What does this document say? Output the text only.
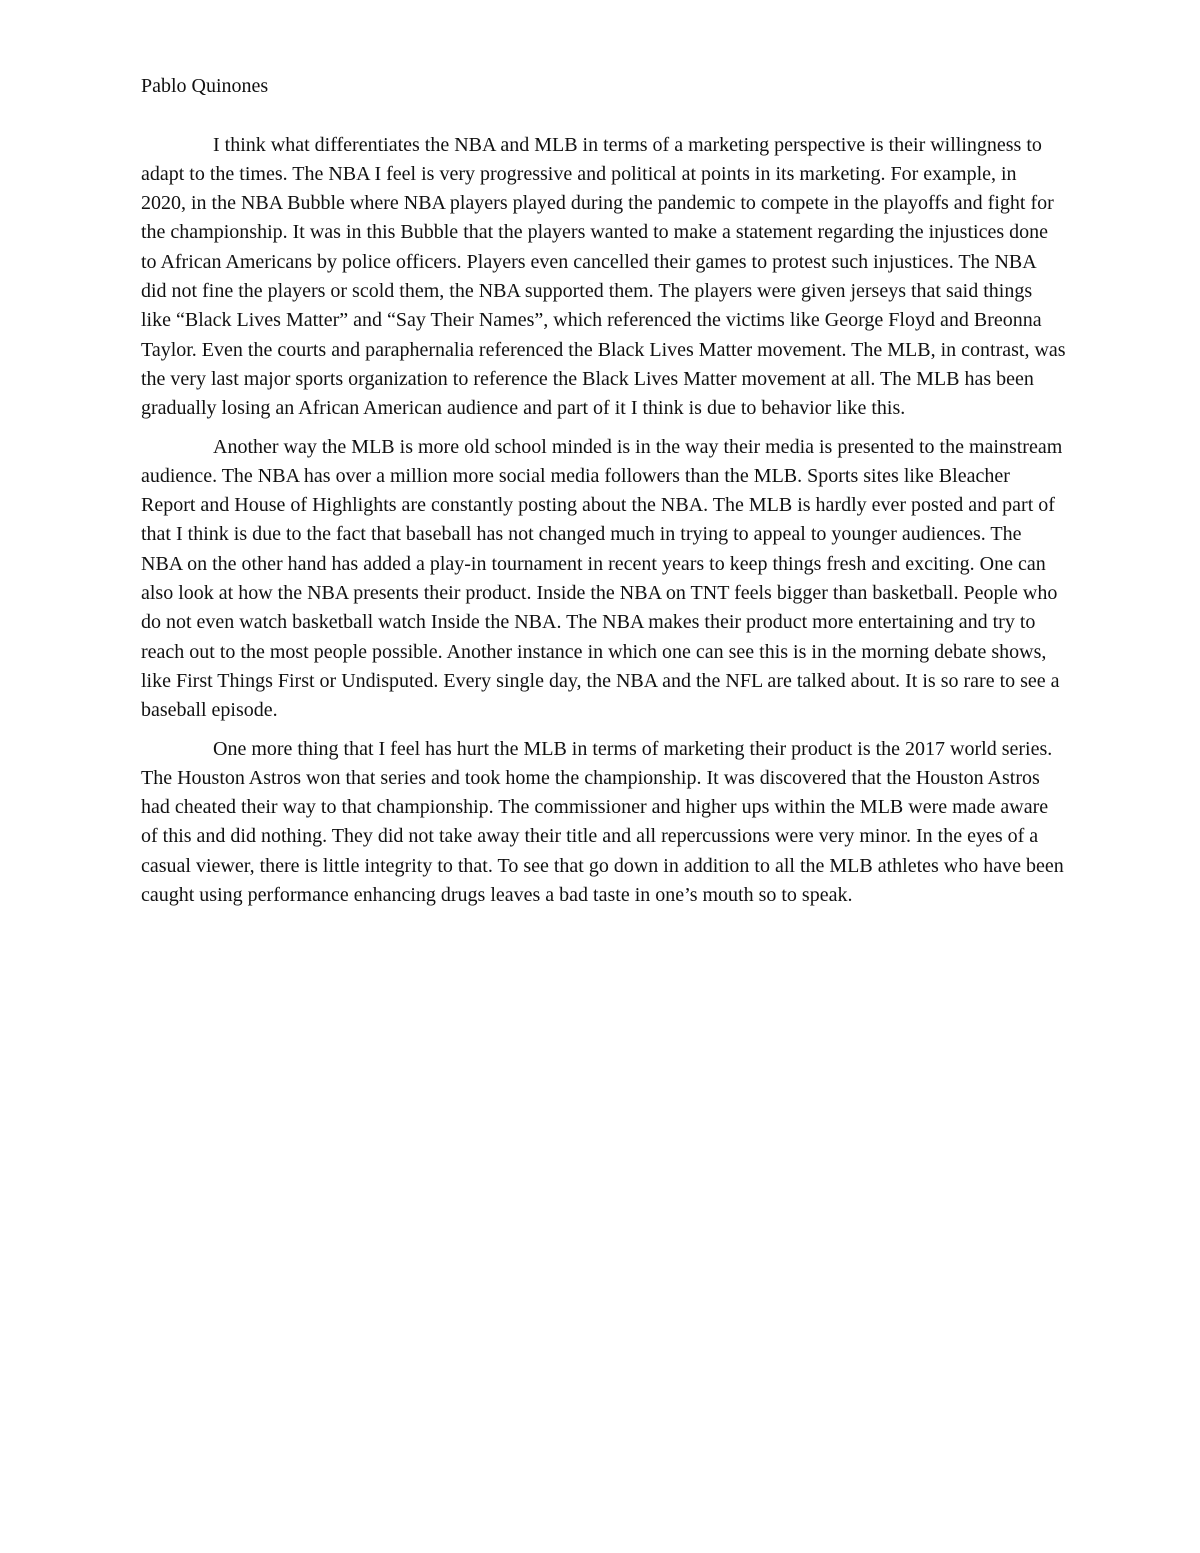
Pablo Quinones

I think what differentiates the NBA and MLB in terms of a marketing perspective is their willingness to adapt to the times. The NBA I feel is very progressive and political at points in its marketing. For example, in 2020, in the NBA Bubble where NBA players played during the pandemic to compete in the playoffs and fight for the championship. It was in this Bubble that the players wanted to make a statement regarding the injustices done to African Americans by police officers. Players even cancelled their games to protest such injustices. The NBA did not fine the players or scold them, the NBA supported them. The players were given jerseys that said things like “Black Lives Matter” and “Say Their Names”, which referenced the victims like George Floyd and Breonna Taylor. Even the courts and paraphernalia referenced the Black Lives Matter movement. The MLB, in contrast, was the very last major sports organization to reference the Black Lives Matter movement at all. The MLB has been gradually losing an African American audience and part of it I think is due to behavior like this.

Another way the MLB is more old school minded is in the way their media is presented to the mainstream audience. The NBA has over a million more social media followers than the MLB. Sports sites like Bleacher Report and House of Highlights are constantly posting about the NBA. The MLB is hardly ever posted and part of that I think is due to the fact that baseball has not changed much in trying to appeal to younger audiences. The NBA on the other hand has added a play-in tournament in recent years to keep things fresh and exciting. One can also look at how the NBA presents their product. Inside the NBA on TNT feels bigger than basketball. People who do not even watch basketball watch Inside the NBA. The NBA makes their product more entertaining and try to reach out to the most people possible. Another instance in which one can see this is in the morning debate shows, like First Things First or Undisputed. Every single day, the NBA and the NFL are talked about. It is so rare to see a baseball episode.

One more thing that I feel has hurt the MLB in terms of marketing their product is the 2017 world series. The Houston Astros won that series and took home the championship. It was discovered that the Houston Astros had cheated their way to that championship. The commissioner and higher ups within the MLB were made aware of this and did nothing. They did not take away their title and all repercussions were very minor. In the eyes of a casual viewer, there is little integrity to that. To see that go down in addition to all the MLB athletes who have been caught using performance enhancing drugs leaves a bad taste in one’s mouth so to speak.
